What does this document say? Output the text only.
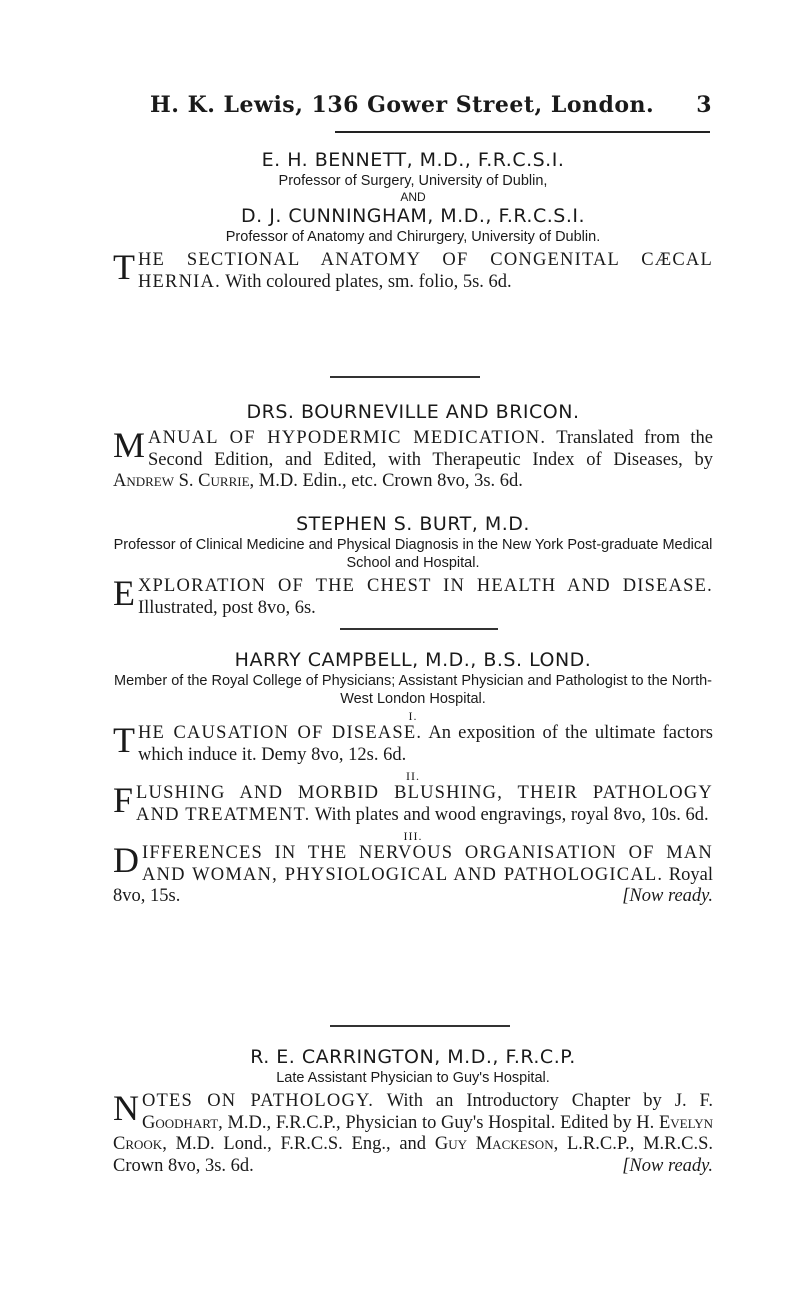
H. K. Lewis, 136 Gower Street, London. 3

E. H. BENNETT, M.D., F.R.C.S.I.

Professor of Surgery, University of Dublin,

AND

D. J. CUNNINGHAM, M.D., F.R.C.S.I.

Professor of Anatomy and Chirurgery, University of Dublin.

THE SECTIONAL ANATOMY OF CONGENITAL CÆCAL HERNIA. With coloured plates, sm. folio, 5s. 6d.

DRS. BOURNEVILLE AND BRICON.

MANUAL OF HYPODERMIC MEDICATION. Translated from the Second Edition, and Edited, with Therapeutic Index of Diseases, by Andrew S. Currie, M.D. Edin., etc. Crown 8vo, 3s. 6d.

STEPHEN S. BURT, M.D.

Professor of Clinical Medicine and Physical Diagnosis in the New York Post-graduate Medical School and Hospital.

EXPLORATION OF THE CHEST IN HEALTH AND DISEASE. Illustrated, post 8vo, 6s.

HARRY CAMPBELL, M.D., B.S. LOND.

Member of the Royal College of Physicians; Assistant Physician and Pathologist to the North-West London Hospital.

I.

THE CAUSATION OF DISEASE. An exposition of the ultimate factors which induce it. Demy 8vo, 12s. 6d.

II.

FLUSHING AND MORBID BLUSHING, THEIR PATHOLOGY AND TREATMENT. With plates and wood engravings, royal 8vo, 10s. 6d.

III.

DIFFERENCES IN THE NERVOUS ORGANISATION OF MAN AND WOMAN, PHYSIOLOGICAL AND PATHOLOGICAL. Royal 8vo, 15s.	[Now ready.

R. E. CARRINGTON, M.D., F.R.C.P.

Late Assistant Physician to Guy's Hospital.

NOTES ON PATHOLOGY. With an Introductory Chapter by J. F. Goodhart, M.D., F.R.C.P., Physician to Guy's Hospital. Edited by H. Evelyn Crook, M.D. Lond., F.R.C.S. Eng., and Guy Mackeson, L.R.C.P., M.R.C.S. Crown 8vo, 3s. 6d.	[Now ready.
